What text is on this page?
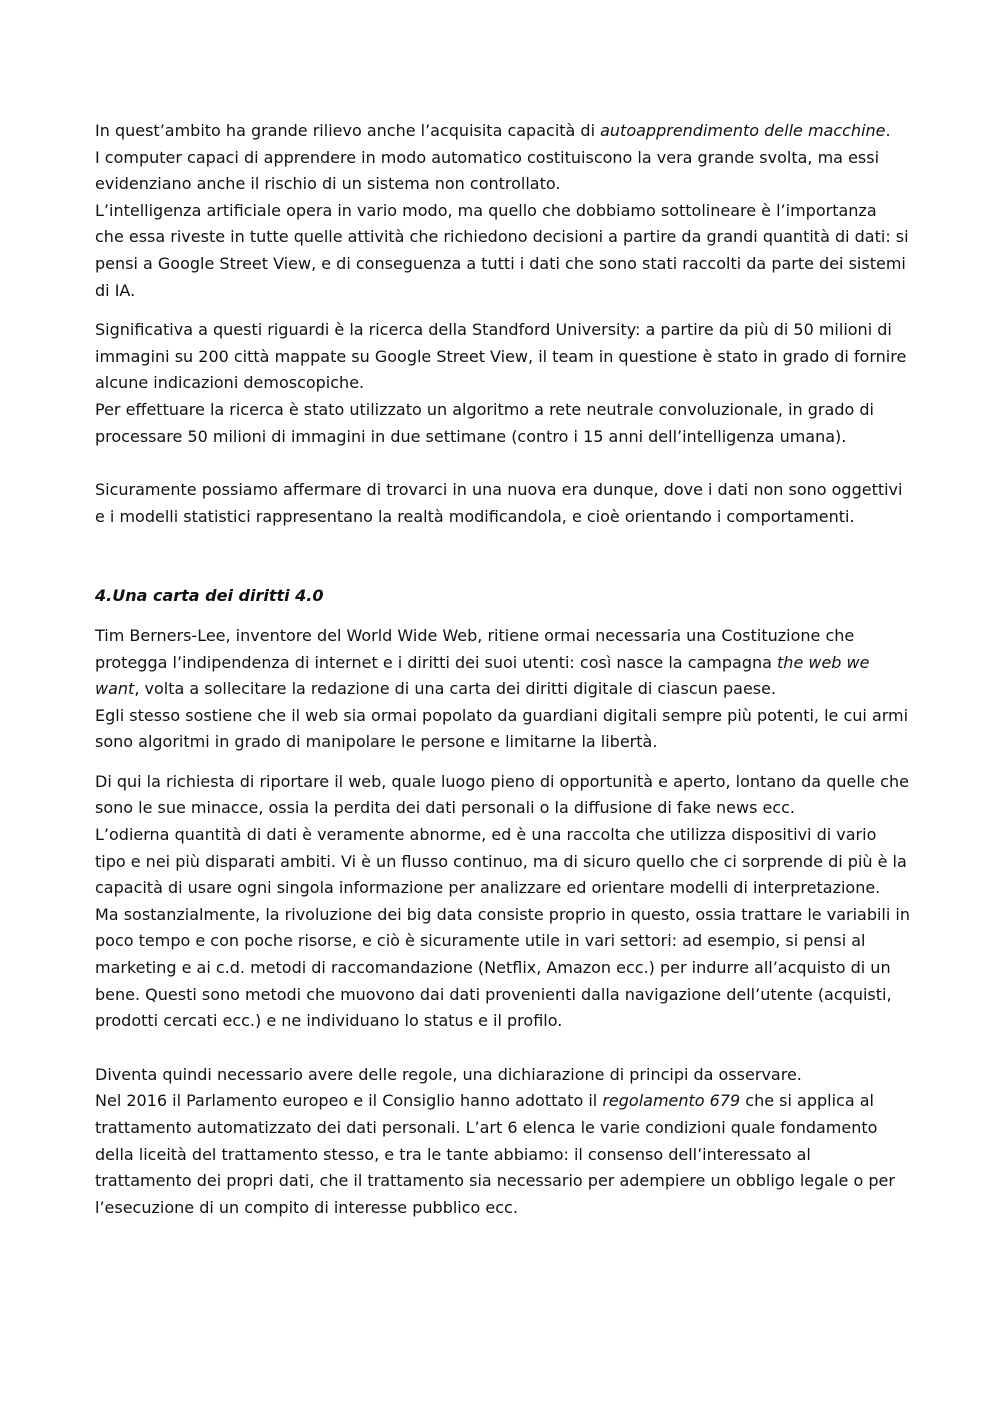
In quest’ambito ha grande rilievo anche l’acquisita capacità di autoapprendimento delle macchine.

I computer capaci di apprendere in modo automatico costituiscono la vera grande svolta, ma essi evidenziano anche il rischio di un sistema non controllato.

L’intelligenza artificiale opera in vario modo, ma quello che dobbiamo sottolineare è l’importanza che essa riveste in tutte quelle attività che richiedono decisioni a partire da grandi quantità di dati: si pensi a Google Street View, e di conseguenza a tutti i dati che sono stati raccolti da parte dei sistemi di IA.

Significativa a questi riguardi è la ricerca della Standford University: a partire da più di 50 milioni di immagini su 200 città mappate su Google Street View, il team in questione è stato in grado di fornire alcune indicazioni demoscopiche.

Per effettuare la ricerca è stato utilizzato un algoritmo a rete neutrale convoluzionale, in grado di processare 50 milioni di immagini in due settimane (contro i 15 anni dell’intelligenza umana).

Sicuramente possiamo affermare di trovarci in una nuova era dunque, dove i dati non sono oggettivi e i modelli statistici rappresentano la realtà modificandola, e cioè orientando i comportamenti.

4.Una carta dei diritti 4.0

Tim Berners-Lee, inventore del World Wide Web, ritiene ormai necessaria una Costituzione che protegga l’indipendenza di internet e i diritti dei suoi utenti: così nasce la campagna the web we want, volta a sollecitare la redazione di una carta dei diritti digitale di ciascun paese.

Egli stesso sostiene che il web sia ormai popolato da guardiani digitali sempre più potenti, le cui armi sono algoritmi in grado di manipolare le persone e limitarne la libertà.

Di qui la richiesta di riportare il web, quale luogo pieno di opportunità e aperto, lontano da quelle che sono le sue minacce, ossia la perdita dei dati personali o la diffusione di fake news ecc.

L’odierna quantità di dati è veramente abnorme, ed è una raccolta che utilizza dispositivi di vario tipo e nei più disparati ambiti. Vi è un flusso continuo, ma di sicuro quello che ci sorprende di più è la capacità di usare ogni singola informazione per analizzare ed orientare modelli di interpretazione.

Ma sostanzialmente, la rivoluzione dei big data consiste proprio in questo, ossia trattare le variabili in poco tempo e con poche risorse, e ciò è sicuramente utile in vari settori: ad esempio, si pensi al marketing e ai c.d. metodi di raccomandazione (Netflix, Amazon ecc.) per indurre all’acquisto di un bene. Questi sono metodi che muovono dai dati provenienti dalla navigazione dell’utente (acquisti, prodotti cercati ecc.) e ne individuano lo status e il profilo.

Diventa quindi necessario avere delle regole, una dichiarazione di principi da osservare.

Nel 2016 il Parlamento europeo e il Consiglio hanno adottato il regolamento 679 che si applica al trattamento automatizzato dei dati personali. L’art 6 elenca le varie condizioni quale fondamento della liceità del trattamento stesso, e tra le tante abbiamo: il consenso dell’interessato al trattamento dei propri dati, che il trattamento sia necessario per adempiere un obbligo legale o per l’esecuzione di un compito di interesse pubblico ecc.
